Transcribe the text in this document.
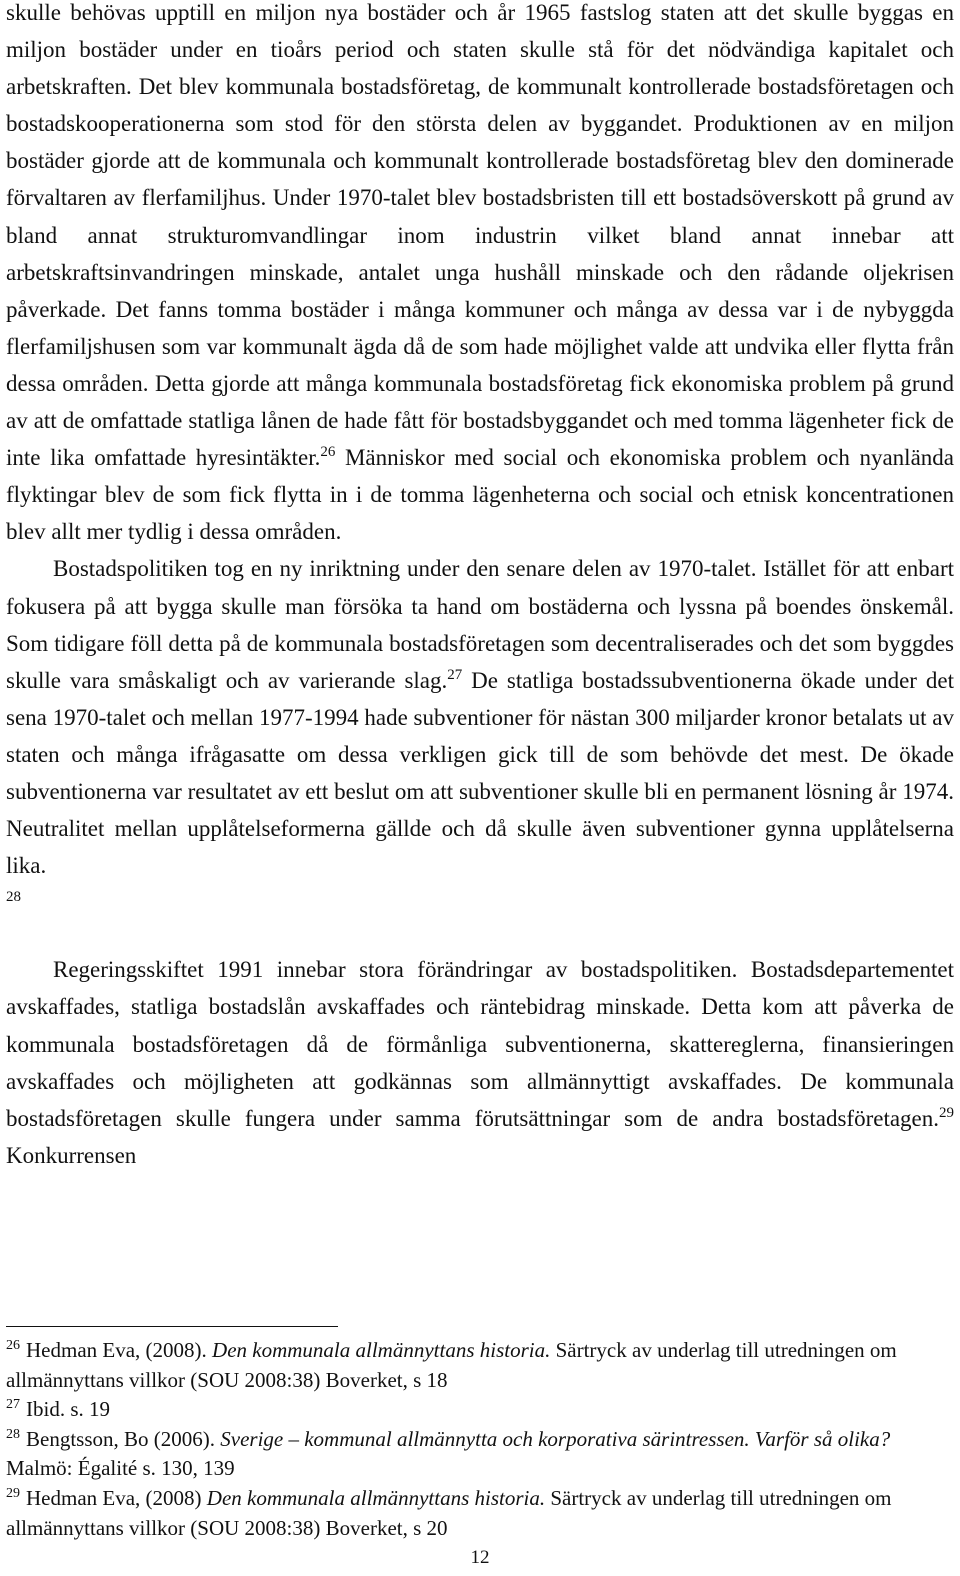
skulle behövas upptill en miljon nya bostäder och år 1965 fastslog staten att det skulle byggas en miljon bostäder under en tioårs period och staten skulle stå för det nödvändiga kapitalet och arbetskraften. Det blev kommunala bostadsföretag, de kommunalt kontrollerade bostadsföretagen och bostadskooperationerna som stod för den största delen av byggandet. Produktionen av en miljon bostäder gjorde att de kommunala och kommunalt kontrollerade bostadsföretag blev den dominerade förvaltaren av flerfamiljhus. Under 1970-talet blev bostadsbristen till ett bostadsöverskott på grund av bland annat strukturomvandlingar inom industrin vilket bland annat innebar att arbetskraftsinvandringen minskade, antalet unga hushåll minskade och den rådande oljekrisen påverkade. Det fanns tomma bostäder i många kommuner och många av dessa var i de nybyggda flerfamiljshusen som var kommunalt ägda då de som hade möjlighet valde att undvika eller flytta från dessa områden. Detta gjorde att många kommunala bostadsföretag fick ekonomiska problem på grund av att de omfattade statliga lånen de hade fått för bostadsbyggandet och med tomma lägenheter fick de inte lika omfattade hyresintäkter.$^{26}$ Människor med social och ekonomiska problem och nyanlända flyktingar blev de som fick flytta in i de tomma lägenheterna och social och etnisk koncentrationen blev allt mer tydlig i dessa områden.

Bostadspolitiken tog en ny inriktning under den senare delen av 1970-talet. Istället för att enbart fokusera på att bygga skulle man försöka ta hand om bostäderna och lyssna på boendes önskemål. Som tidigare föll detta på de kommunala bostadsföretagen som decentraliserades och det som byggdes skulle vara småskaligt och av varierande slag.$^{27}$ De statliga bostadssubventionerna ökade under det sena 1970-talet och mellan 1977-1994 hade subventioner för nästan 300 miljarder kronor betalats ut av staten och många ifrågasatte om dessa verkligen gick till de som behövde det mest. De ökade subventionerna var resultatet av ett beslut om att subventioner skulle bli en permanent lösning år 1974. Neutralitet mellan upplåtelseformerna gällde och då skulle även subventioner gynna upplåtelserna lika.
$^{28}$

Regeringsskiftet 1991 innebar stora förändringar av bostadspolitiken. Bostadsdepartementet avskaffades, statliga bostadslån avskaffades och räntebidrag minskade. Detta kom att påverka de kommunala bostadsföretagen då de förmånliga subventionerna, skattereglerna, finansieringen avskaffades och möjligheten att godkännas som allmännyttigt avskaffades. De kommunala bostadsföretagen skulle fungera under samma förutsättningar som de andra bostadsföretagen.$^{29}$ Konkurrensen

$^{26}$ Hedman Eva, (2008). Den kommunala allmännyttans historia. Särtryck av underlag till utredningen om allmännyttans villkor (SOU 2008:38) Boverket, s 18

$^{27}$ Ibid. s. 19

$^{28}$ Bengtsson, Bo (2006). Sverige – kommunal allmännytta och korporativa särintressen. Varför så olika? Malmö: Égalité s. 130, 139

$^{29}$ Hedman Eva, (2008) Den kommunala allmännyttans historia. Särtryck av underlag till utredningen om allmännyttans villkor (SOU 2008:38) Boverket, s 20

12
